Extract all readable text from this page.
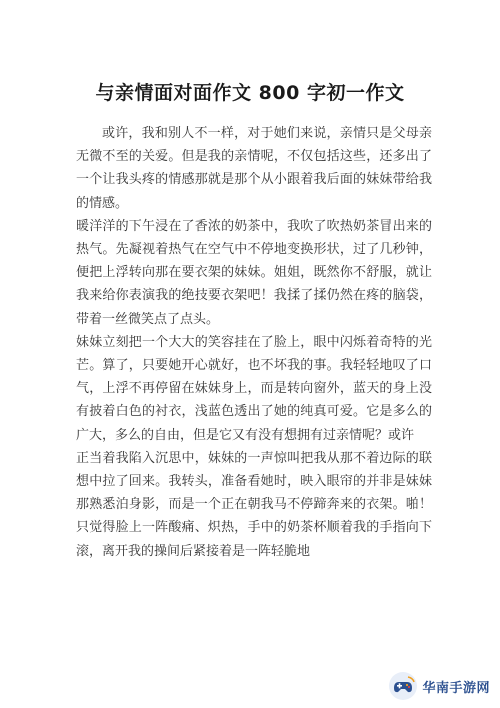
与亲情面对面作文 800 字初一作文

或许，我和别人不一样，对于她们来说，亲情只是父母亲无微不至的关爱。但是我的亲情呢，不仅包括这些，还多出了一个让我头疼的情感那就是那个从小跟着我后面的妹妹带给我的情感。

暖洋洋的下午浸在了香浓的奶茶中，我吹了吹热奶茶冒出来的热气。先凝视着热气在空气中不停地变换形状，过了几秒钟，便把上浮转向那在要衣架的妹妹。姐姐，既然你不舒服，就让我来给你表演我的绝技要衣架吧！我揉了揉仍然在疼的脑袋，带着一丝微笑点了点头。

妹妹立刻把一个大大的笑容挂在了脸上，眼中闪烁着奇特的光芒。算了，只要她开心就好，也不坏我的事。我轻轻地叹了口气，上浮不再停留在妹妹身上，而是转向窗外，蓝天的身上没有披着白色的衬衣，浅蓝色透出了她的纯真可爱。它是多么的广大，多么的自由，但是它又有没有想拥有过亲情呢？或许

正当着我陷入沉思中，妹妹的一声惊叫把我从那不着边际的联想中拉了回来。我转头，准备看她时，映入眼帘的并非是妹妹那熟悉泊身影，而是一个正在朝我马不停蹄奔来的衣架。啪！只觉得脸上一阵酸痛、炽热，手中的奶茶杯顺着我的手指向下滚，离开我的操间后紧接着是一阵轻脆地

华南手游网
